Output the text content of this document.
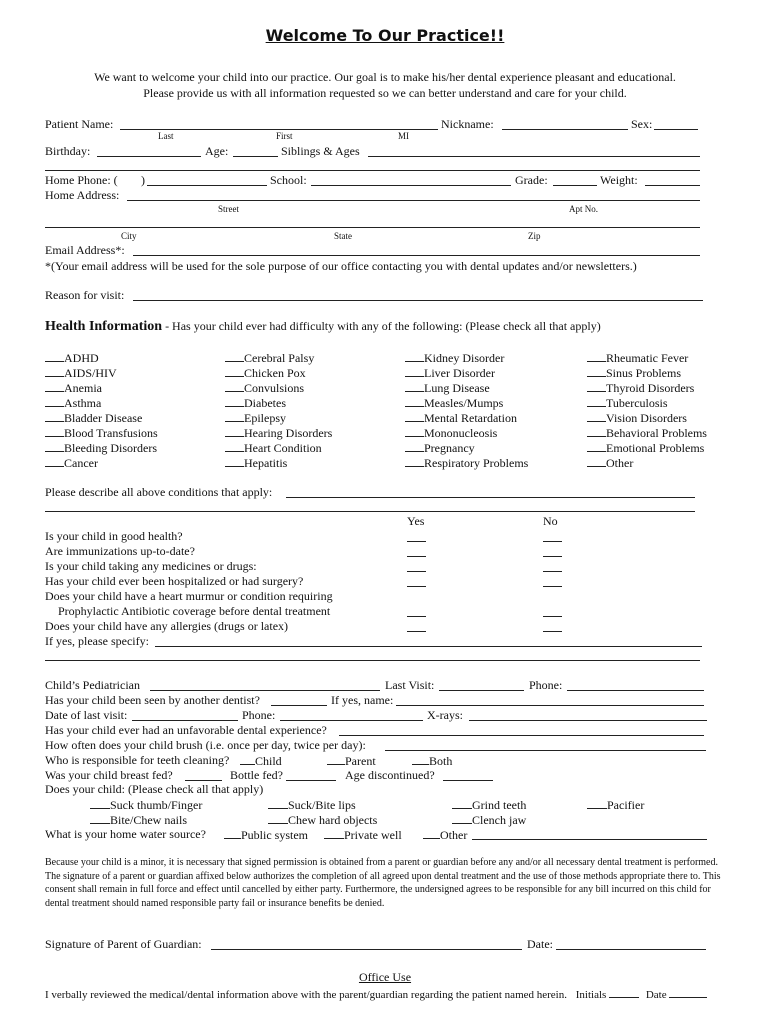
Welcome To Our Practice!!
We want to welcome your child into our practice. Our goal is to make his/her dental experience pleasant and educational.
Please provide us with all information requested so we can better understand and care for your child.
Patient Name:	Nickname:	Sex:
Last	First	MI
Birthday:	Age:	Siblings & Ages
Home Phone: ( )	School:	Grade:	Weight:
Home Address:
Street	Apt No.
City	State	Zip
Email Address*:
*(Your email address will be used for the sole purpose of our office contacting you with dental updates and/or newsletters.)
Reason for visit:
Health Information - Has your child ever had difficulty with any of the following: (Please check all that apply)
ADHD
AIDS/HIV
Anemia
Asthma
Bladder Disease
Blood Transfusions
Bleeding Disorders
Cancer
Cerebral Palsy
Chicken Pox
Convulsions
Diabetes
Epilepsy
Hearing Disorders
Heart Condition
Hepatitis
Kidney Disorder
Liver Disorder
Lung Disease
Measles/Mumps
Mental Retardation
Mononucleosis
Pregnancy
Respiratory Problems
Rheumatic Fever
Sinus Problems
Thyroid Disorders
Tuberculosis
Vision Disorders
Behavioral Problems
Emotional Problems
Other
Please describe all above conditions that apply:
Yes	No
Is your child in good health?
Are immunizations up-to-date?
Is your child taking any medicines or drugs:
Has your child ever been hospitalized or had surgery?
Does your child have a heart murmur or condition requiring
Prophylactic Antibiotic coverage before dental treatment
Does your child have any allergies (drugs or latex)
If yes, please specify:
Child’s Pediatrician	Last Visit:	Phone:
Has your child been seen by another dentist?	If yes, name:
Date of last visit:	Phone:	X-rays:
Has your child ever had an unfavorable dental experience?
How often does your child brush (i.e. once per day, twice per day):
Who is responsible for teeth cleaning?	Child	Parent	Both
Was your child breast fed?	Bottle fed?	Age discontinued?
Does your child: (Please check all that apply)
Suck thumb/Finger	Suck/Bite lips	Grind teeth	Pacifier
Bite/Chew nails	Chew hard objects	Clench jaw
What is your home water source?	Public system	Private well	Other
Because your child is a minor, it is necessary that signed permission is obtained from a parent or guardian before any and/or all necessary dental treatment is performed. The signature of a parent or guardian affixed below authorizes the completion of all agreed upon dental treatment and the use of those methods appropriate there to. This consent shall remain in full force and effect until cancelled by either party. Furthermore, the undersigned agrees to be responsible for any bill incurred on this child for dental treatment should named responsible party fail or insurance benefits be denied.
Signature of Parent of Guardian:	Date:
Office Use
I verbally reviewed the medical/dental information above with the parent/guardian regarding the patient named herein. Initials	Date
